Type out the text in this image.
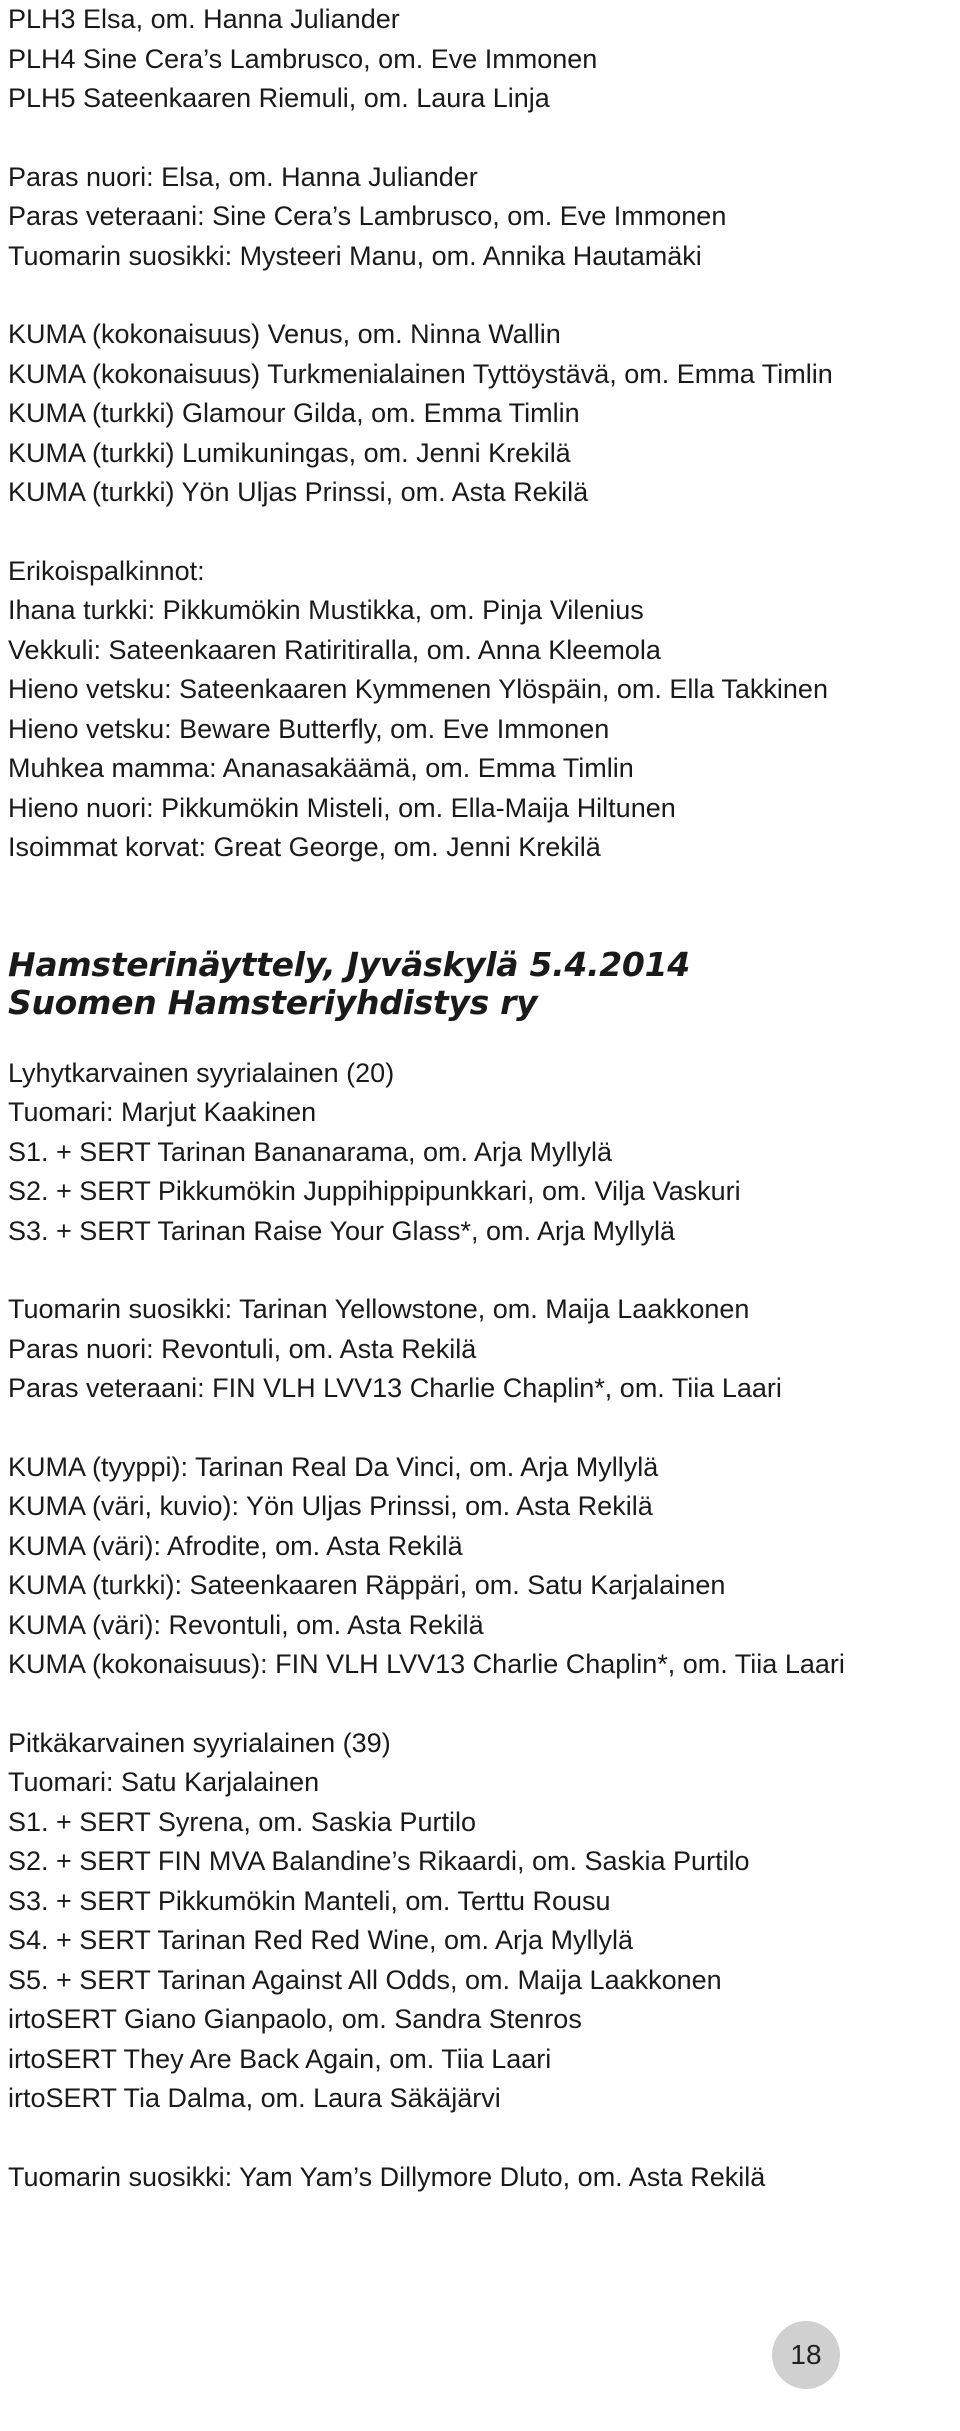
PLH3 Elsa, om. Hanna Juliander
PLH4 Sine Cera’s Lambrusco, om. Eve Immonen
PLH5 Sateenkaaren Riemuli, om. Laura Linja
Paras nuori: Elsa, om. Hanna Juliander
Paras veteraani: Sine Cera’s Lambrusco, om. Eve Immonen
Tuomarin suosikki: Mysteeri Manu, om. Annika Hautamäki
KUMA (kokonaisuus) Venus, om. Ninna Wallin
KUMA (kokonaisuus) Turkmenialainen Tyttöystävä, om. Emma Timlin
KUMA (turkki) Glamour Gilda, om. Emma Timlin
KUMA (turkki) Lumikuningas, om. Jenni Krekilä
KUMA (turkki) Yön Uljas Prinssi, om. Asta Rekilä
Erikoispalkinnot:
Ihana turkki: Pikkumökin Mustikka, om. Pinja Vilenius
Vekkuli: Sateenkaaren Ratiritiralla, om. Anna Kleemola
Hieno vetsku: Sateenkaaren Kymmenen Ylöspäin, om. Ella Takkinen
Hieno vetsku: Beware Butterfly, om. Eve Immonen
Muhkea mamma: Ananasakäämä, om. Emma Timlin
Hieno nuori: Pikkumökin Misteli, om. Ella-Maija Hiltunen
Isoimmat korvat: Great George, om. Jenni Krekilä
Hamsterinäyttely, Jyväskylä 5.4.2014
Suomen Hamsteriyhdistys ry
Lyhytkarvainen syyrialainen (20)
Tuomari: Marjut Kaakinen
S1. + SERT Tarinan Bananarama, om. Arja Myllylä
S2. + SERT Pikkumökin Juppihippipunkkari, om. Vilja Vaskuri
S3. + SERT Tarinan Raise Your Glass*, om. Arja Myllylä
Tuomarin suosikki: Tarinan Yellowstone, om. Maija Laakkonen
Paras nuori: Revontuli, om. Asta Rekilä
Paras veteraani: FIN VLH LVV13 Charlie Chaplin*, om. Tiia Laari
KUMA (tyyppi): Tarinan Real Da Vinci, om. Arja Myllylä
KUMA (väri, kuvio): Yön Uljas Prinssi, om. Asta Rekilä
KUMA (väri): Afrodite, om. Asta Rekilä
KUMA (turkki): Sateenkaaren Räppäri, om. Satu Karjalainen
KUMA (väri): Revontuli, om. Asta Rekilä
KUMA (kokonaisuus): FIN VLH LVV13 Charlie Chaplin*, om. Tiia Laari
Pitkäkarvainen syyrialainen (39)
Tuomari: Satu Karjalainen
S1. + SERT Syrena, om. Saskia Purtilo
S2. + SERT FIN MVA Balandine’s Rikaardi, om. Saskia Purtilo
S3. + SERT Pikkumökin Manteli, om. Terttu Rousu
S4. + SERT Tarinan Red Red Wine, om. Arja Myllylä
S5. + SERT Tarinan Against All Odds, om. Maija Laakkonen
irtoSERT Giano Gianpaolo, om. Sandra Stenros
irtoSERT They Are Back Again, om. Tiia Laari
irtoSERT Tia Dalma, om. Laura Säkäjärvi
Tuomarin suosikki: Yam Yam’s Dillymore Dluto, om. Asta Rekilä
18
